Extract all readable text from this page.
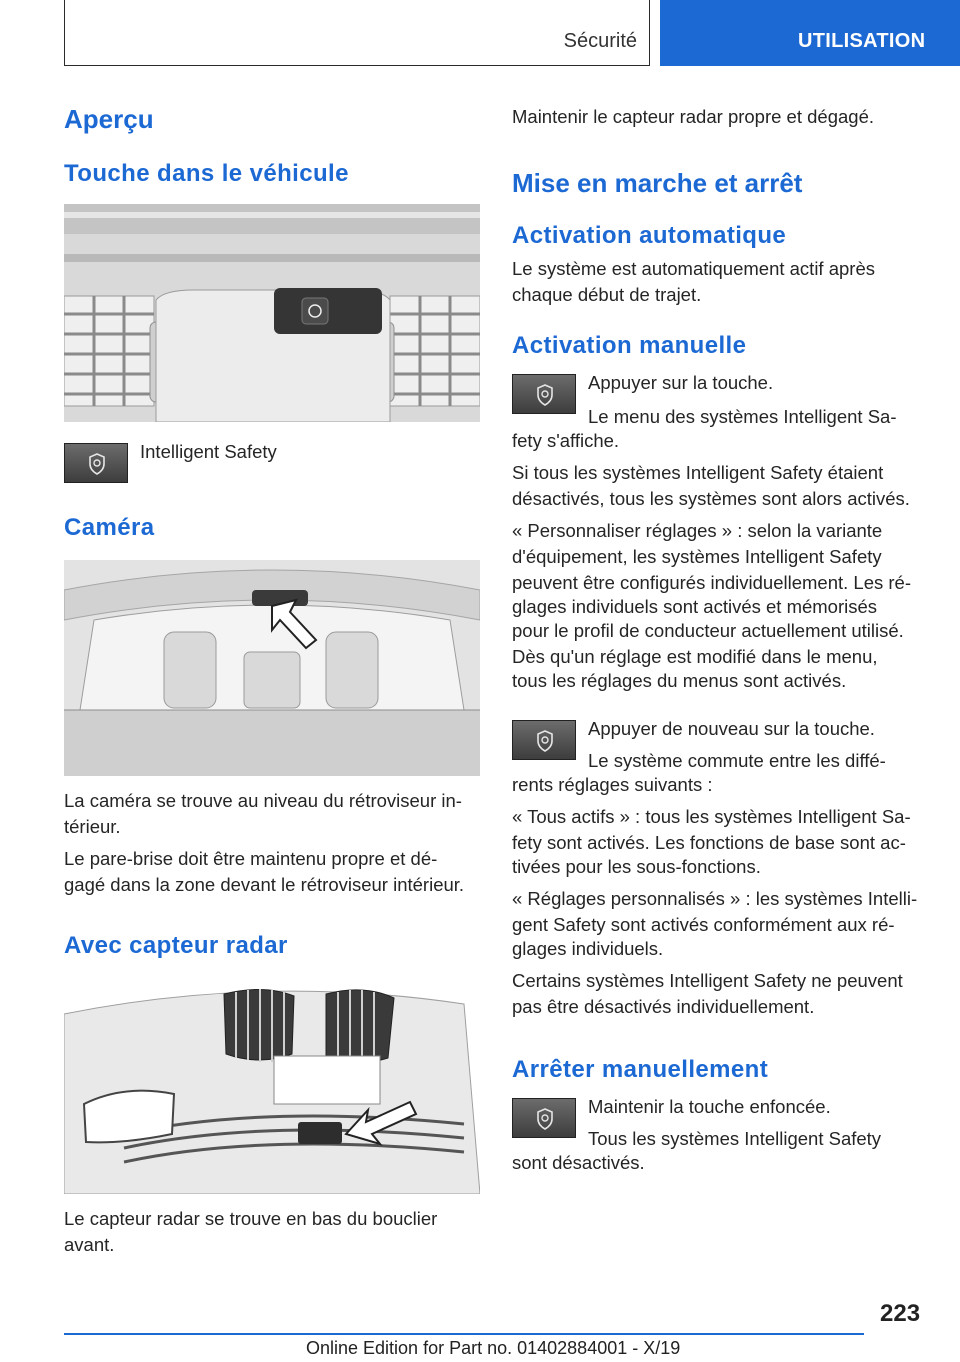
Sécurité	UTILISATION
Aperçu
Touche dans le véhicule

Intelligent Safety

Caméra

La caméra se trouve au niveau du rétroviseur in-

térieur.

Le pare-brise doit être maintenu propre et dé-

gagé dans la zone devant le rétroviseur intérieur.

Avec capteur radar

Le capteur radar se trouve en bas du bouclier

avant.

Maintenir le capteur radar propre et dégagé.

Mise en marche et arrêt
Activation automatique

Le système est automatiquement actif après

chaque début de trajet.

Activation manuelle

Appuyer sur la touche.

Le menu des systèmes Intelligent Sa-

fety s'affiche.

Si tous les systèmes Intelligent Safety étaient

désactivés, tous les systèmes sont alors activés.

« Personnaliser réglages » : selon la variante

d'équipement, les systèmes Intelligent Safety

peuvent être configurés individuellement. Les ré-

glages individuels sont activés et mémorisés

pour le profil de conducteur actuellement utilisé.

Dès qu'un réglage est modifié dans le menu,

tous les réglages du menus sont activés.

Appuyer de nouveau sur la touche.

Le système commute entre les diffé-

rents réglages suivants :

« Tous actifs » : tous les systèmes Intelligent Sa-

fety sont activés. Les fonctions de base sont ac-

tivées pour les sous-fonctions.

« Réglages personnalisés » : les systèmes Intelli-

gent Safety sont activés conformément aux ré-

glages individuels.

Certains systèmes Intelligent Safety ne peuvent

pas être désactivés individuellement.

Arrêter manuellement

Maintenir la touche enfoncée.

Tous les systèmes Intelligent Safety

sont désactivés.

223
Online Edition for Part no. 01402884001 - X/19
